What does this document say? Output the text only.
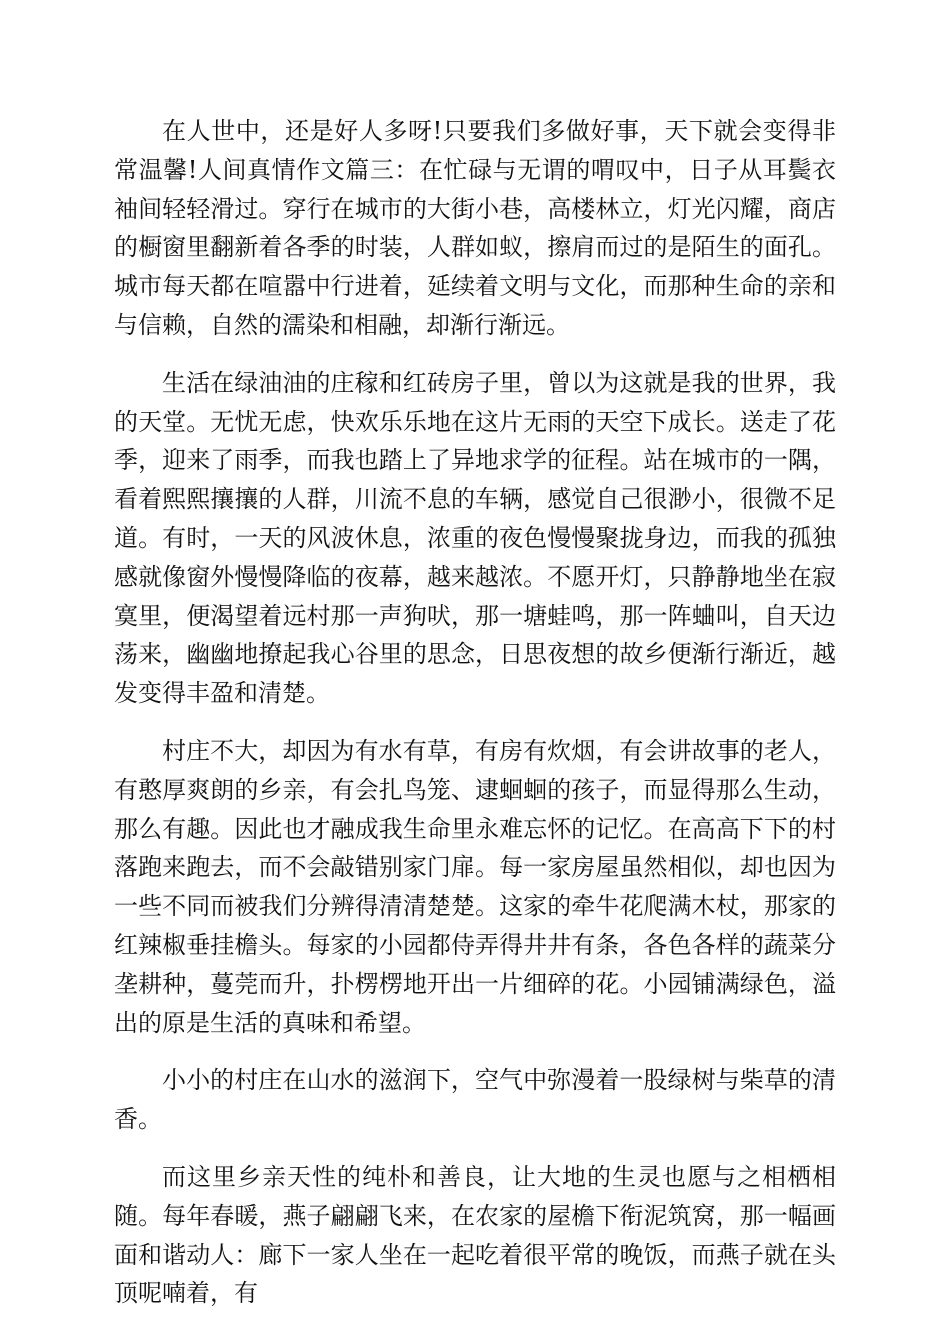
在人世中，还是好人多呀!只要我们多做好事，天下就会变得非常温馨!人间真情作文篇三：在忙碌与无谓的喟叹中，日子从耳鬓衣袖间轻轻滑过。穿行在城市的大街小巷，高楼林立，灯光闪耀，商店的橱窗里翻新着各季的时装，人群如蚁，擦肩而过的是陌生的面孔。城市每天都在喧嚣中行进着，延续着文明与文化，而那种生命的亲和与信赖，自然的濡染和相融，却渐行渐远。

生活在绿油油的庄稼和红砖房子里，曾以为这就是我的世界，我的天堂。无忧无虑，快欢乐乐地在这片无雨的天空下成长。送走了花季，迎来了雨季，而我也踏上了异地求学的征程。站在城市的一隅，看着熙熙攘攘的人群，川流不息的车辆，感觉自己很渺小，很微不足道。有时，一天的风波休息，浓重的夜色慢慢聚拢身边，而我的孤独感就像窗外慢慢降临的夜幕，越来越浓。不愿开灯，只静静地坐在寂寞里，便渴望着远村那一声狗吠，那一塘蛙鸣，那一阵蛐叫，自天边荡来，幽幽地撩起我心谷里的思念，日思夜想的故乡便渐行渐近，越发变得丰盈和清楚。

村庄不大，却因为有水有草，有房有炊烟，有会讲故事的老人，有憨厚爽朗的乡亲，有会扎鸟笼、逮蛔蛔的孩子，而显得那么生动，那么有趣。因此也才融成我生命里永难忘怀的记忆。在高高下下的村落跑来跑去，而不会敲错别家门扉。每一家房屋虽然相似，却也因为一些不同而被我们分辨得清清楚楚。这家的牵牛花爬满木杖，那家的红辣椒垂挂檐头。每家的小园都侍弄得井井有条，各色各样的蔬菜分垄耕种，蔓莞而升，扑楞楞地开出一片细碎的花。小园铺满绿色，溢出的原是生活的真味和希望。

小小的村庄在山水的滋润下，空气中弥漫着一股绿树与柴草的清香。

而这里乡亲天性的纯朴和善良，让大地的生灵也愿与之相栖相随。每年春暖，燕子翩翩飞来，在农家的屋檐下衔泥筑窝，那一幅画面和谐动人：廊下一家人坐在一起吃着很平常的晚饭，而燕子就在头顶呢喃着，有
